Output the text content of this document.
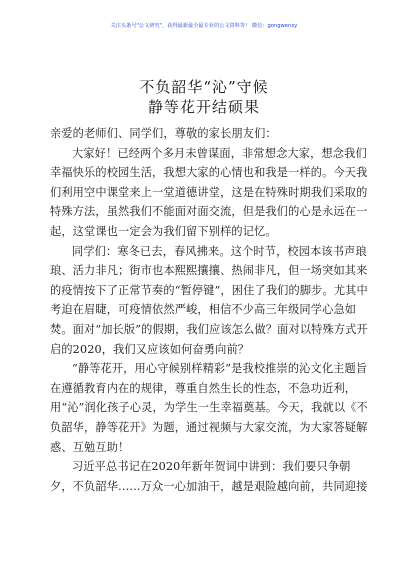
关注头条号"公文研究"，获得最新最全最专业的公文资料等！ 微信：gongwenxy
不负韶华“沁”守候
静等花开结硕果

亲爱的老师们、同学们，尊敬的家长朋友们：

大家好！已经两个多月未曾谋面，非常想念大家，想念我们幸福快乐的校园生活，我想大家的心情也和我是一样的。今天我们利用空中课堂来上一堂道德讲堂，这是在特殊时期我们采取的特殊方法，虽然我们不能面对面交流，但是我们的心是永远在一起，这堂课也一定会为我们留下别样的记忆。

同学们：寒冬已去，春风拂来。这个时节，校园本该书声琅琅、活力非凡；街市也本熙熙攘攘、热闹非凡，但一场突如其来的疫情按下了正常节奏的“暂停键”，困住了我们的脚步。尤其中考迫在眉睫，可疫情依然严峻，相信不少高三年级同学心急如焚。面对“加长版”的假期，我们应该怎么做？面对以特殊方式开启的2020，我们又应该如何奋勇向前？

“静等花开，用心守候别样精彩”是我校推崇的沁文化主题旨在遵循教育内在的规律，尊重自然生长的性态，不急功近利，用“沁”润化孩子心灵，为学生一生幸福奠基。今天，我就以《不负韶华，静等花开》为题，通过视频与大家交流，为大家答疑解惑、互勉互助！

习近平总书记在2020年新年贺词中讲到：我们要只争朝夕，不负韶华……万众一心加油干，越是艰险越向前，共同迎接
